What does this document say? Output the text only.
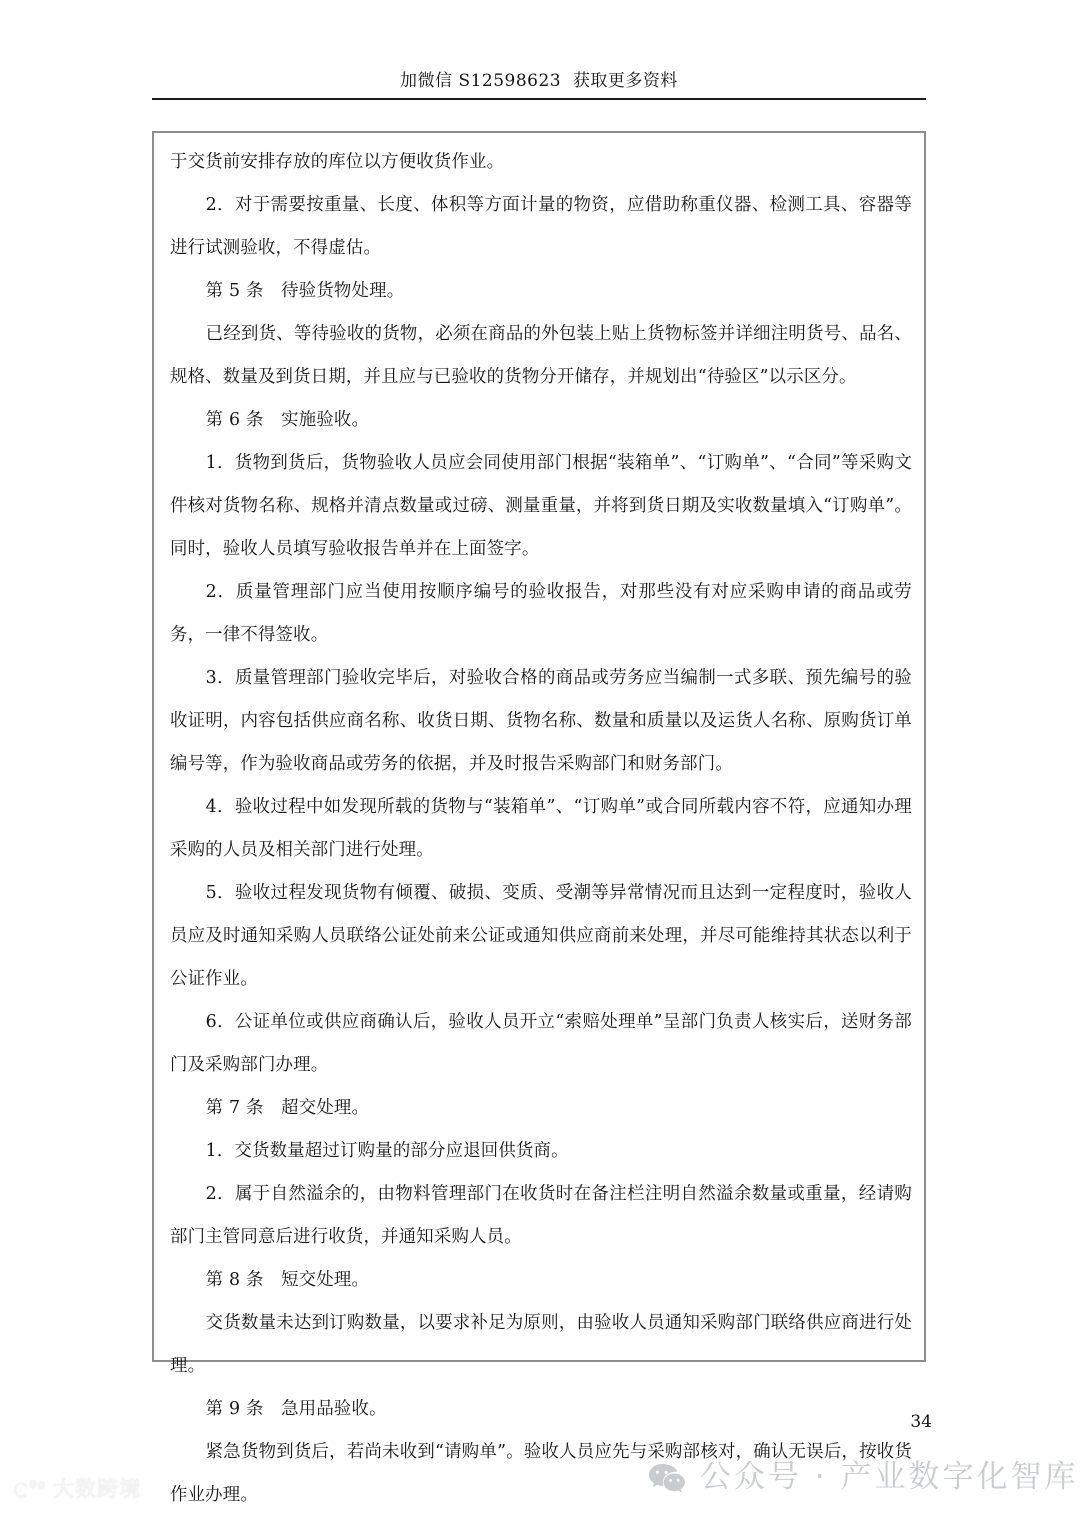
加微信 S12598623  获取更多资料

于交货前安排存放的库位以方便收货作业。

2．对于需要按重量、长度、体积等方面计量的物资，应借助称重仪器、检测工具、容器等进行试测验收，不得虚估。

第 5 条　待验货物处理。

已经到货、等待验收的货物，必须在商品的外包装上贴上货物标签并详细注明货号、品名、规格、数量及到货日期，并且应与已验收的货物分开储存，并规划出“待验区”以示区分。

第 6 条　实施验收。

1．货物到货后，货物验收人员应会同使用部门根据“装箱单”、“订购单”、“合同”等采购文件核对货物名称、规格并清点数量或过磅、测量重量，并将到货日期及实收数量填入“订购单”。同时，验收人员填写验收报告单并在上面签字。

2．质量管理部门应当使用按顺序编号的验收报告，对那些没有对应采购申请的商品或劳务，一律不得签收。

3．质量管理部门验收完毕后，对验收合格的商品或劳务应当编制一式多联、预先编号的验收证明，内容包括供应商名称、收货日期、货物名称、数量和质量以及运货人名称、原购货订单编号等，作为验收商品或劳务的依据，并及时报告采购部门和财务部门。

4．验收过程中如发现所载的货物与“装箱单”、“订购单”或合同所载内容不符，应通知办理采购的人员及相关部门进行处理。

5．验收过程发现货物有倾覆、破损、变质、受潮等异常情况而且达到一定程度时，验收人员应及时通知采购人员联络公证处前来公证或通知供应商前来处理，并尽可能维持其状态以利于公证作业。

6．公证单位或供应商确认后，验收人员开立“索赔处理单”呈部门负责人核实后，送财务部门及采购部门办理。

第 7 条　超交处理。

1．交货数量超过订购量的部分应退回供货商。

2．属于自然溢余的，由物料管理部门在收货时在备注栏注明自然溢余数量或重量，经请购部门主管同意后进行收货，并通知采购人员。

第 8 条　短交处理。

交货数量未达到订购数量，以要求补足为原则，由验收人员通知采购部门联络供应商进行处理。

第 9 条　急用品验收。

紧急货物到货后，若尚未收到“请购单”。验收人员应先与采购部核对，确认无误后，按收货作业办理。

34
大数跨境	公众号 · 产业数字化智库
